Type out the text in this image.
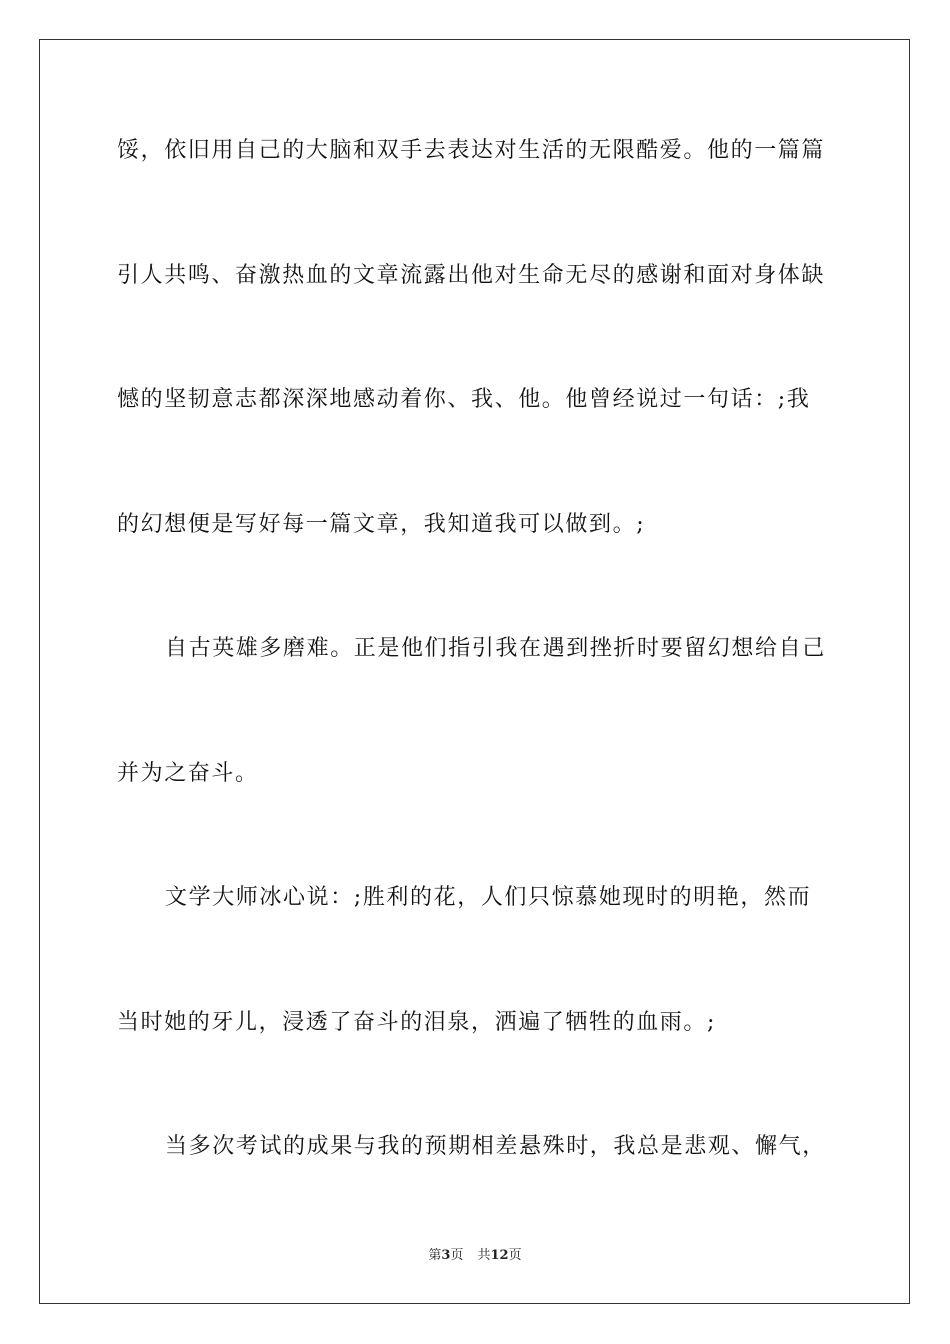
馁，依旧用自己的大脑和双手去表达对生活的无限酷爱。他的一篇篇
引人共鸣、奋激热血的文章流露出他对生命无尽的感谢和面对身体缺
憾的坚韧意志都深深地感动着你、我、他。他曾经说过一句话：;我
的幻想便是写好每一篇文章，我知道我可以做到。;
自古英雄多磨难。正是他们指引我在遇到挫折时要留幻想给自己
并为之奋斗。
文学大师冰心说：;胜利的花，人们只惊慕她现时的明艳，然而
当时她的牙儿，浸透了奋斗的泪泉，洒遍了牺牲的血雨。;
当多次考试的成果与我的预期相差悬殊时，我总是悲观、懈气，
第3页 共12页
